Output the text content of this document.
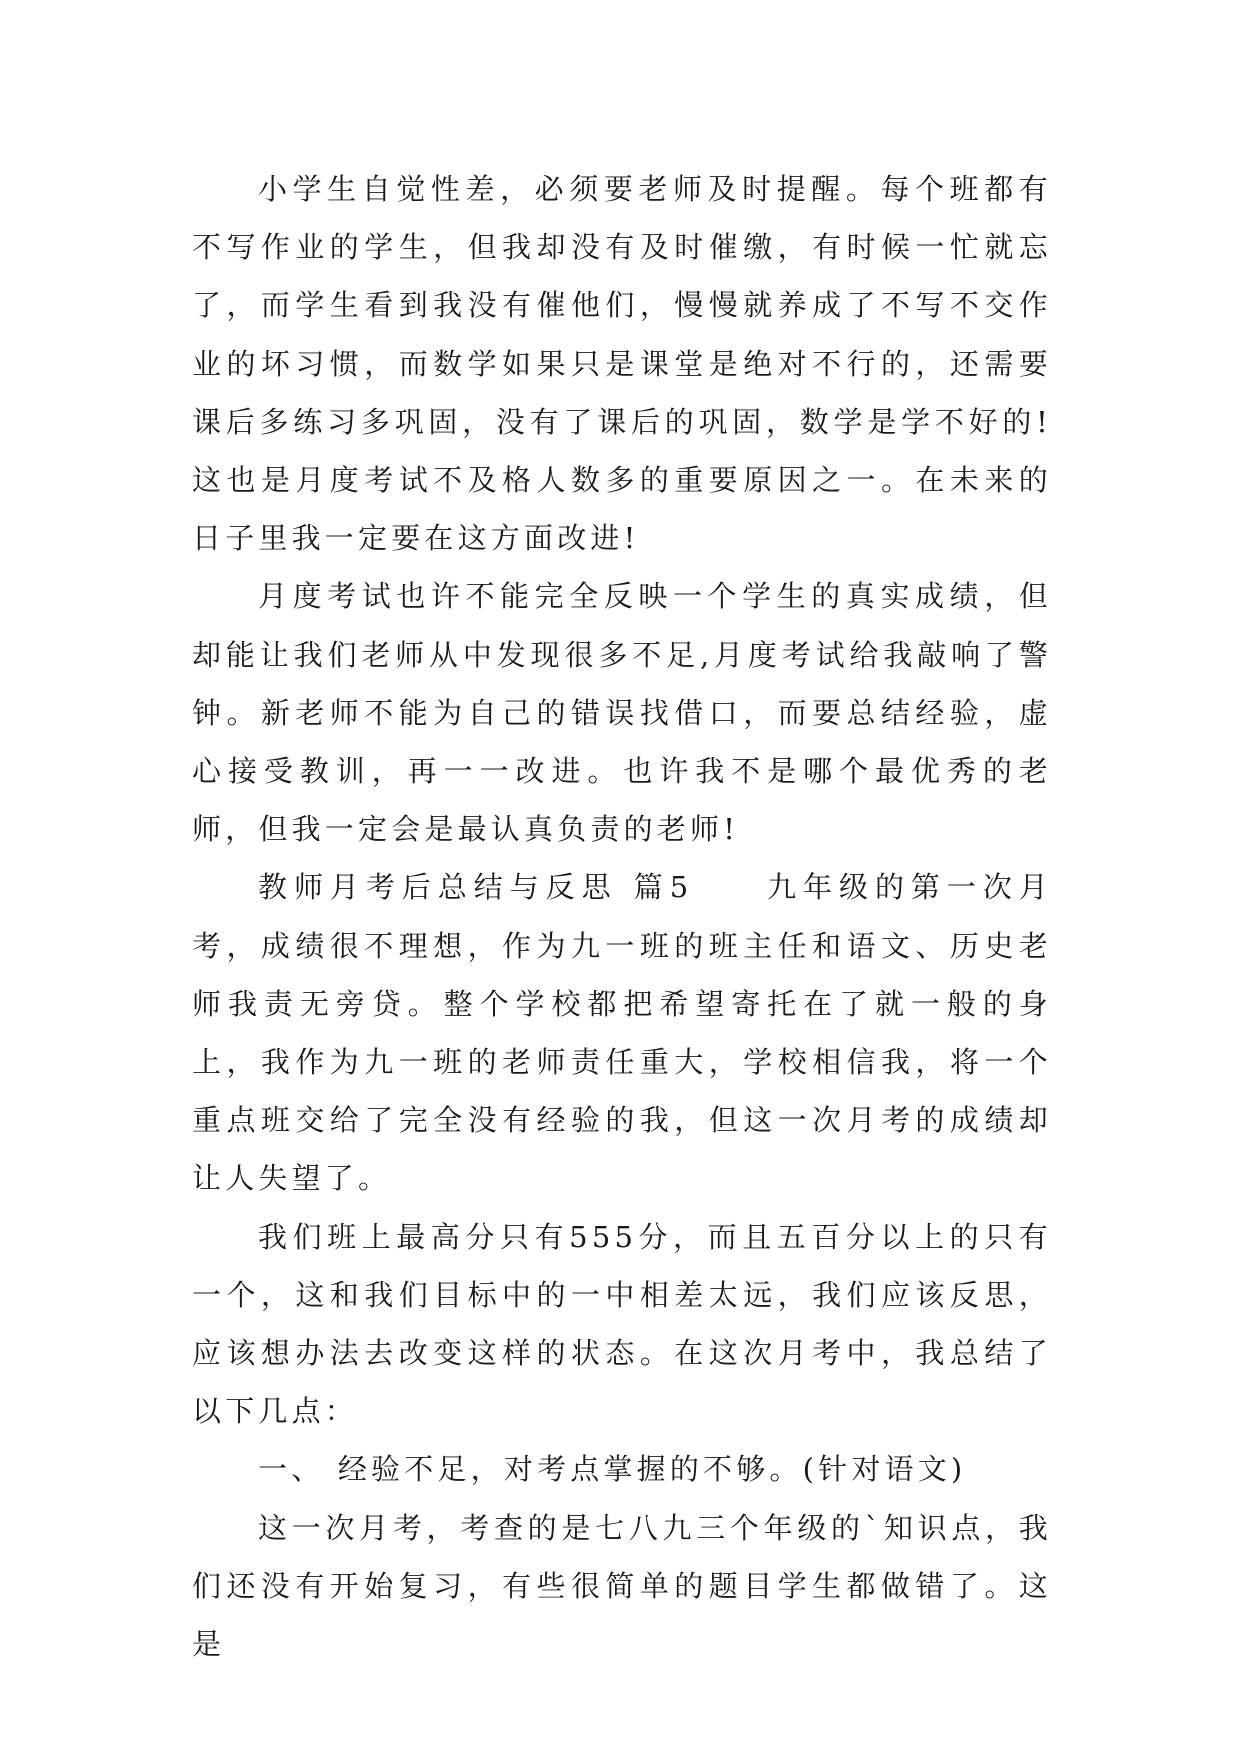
小学生自觉性差，必须要老师及时提醒。每个班都有不写作业的学生，但我却没有及时催缴，有时候一忙就忘了，而学生看到我没有催他们，慢慢就养成了不写不交作业的坏习惯，而数学如果只是课堂是绝对不行的，还需要课后多练习多巩固，没有了课后的巩固，数学是学不好的!这也是月度考试不及格人数多的重要原因之一。在未来的日子里我一定要在这方面改进!

月度考试也许不能完全反映一个学生的真实成绩，但却能让我们老师从中发现很多不足,月度考试给我敲响了警钟。新老师不能为自己的错误找借口，而要总结经验，虚心接受教训，再一一改进。也许我不是哪个最优秀的老师，但我一定会是最认真负责的老师!

教师月考后总结与反思 篇5　　九年级的第一次月考，成绩很不理想，作为九一班的班主任和语文、历史老师我责无旁贷。整个学校都把希望寄托在了就一般的身上，我作为九一班的老师责任重大，学校相信我，将一个重点班交给了完全没有经验的我，但这一次月考的成绩却让人失望了。

我们班上最高分只有555分，而且五百分以上的只有一个，这和我们目标中的一中相差太远，我们应该反思，应该想办法去改变这样的状态。在这次月考中，我总结了以下几点：

一、 经验不足，对考点掌握的不够。(针对语文)

这一次月考，考查的是七八九三个年级的`知识点，我们还没有开始复习，有些很简单的题目学生都做错了。这是
